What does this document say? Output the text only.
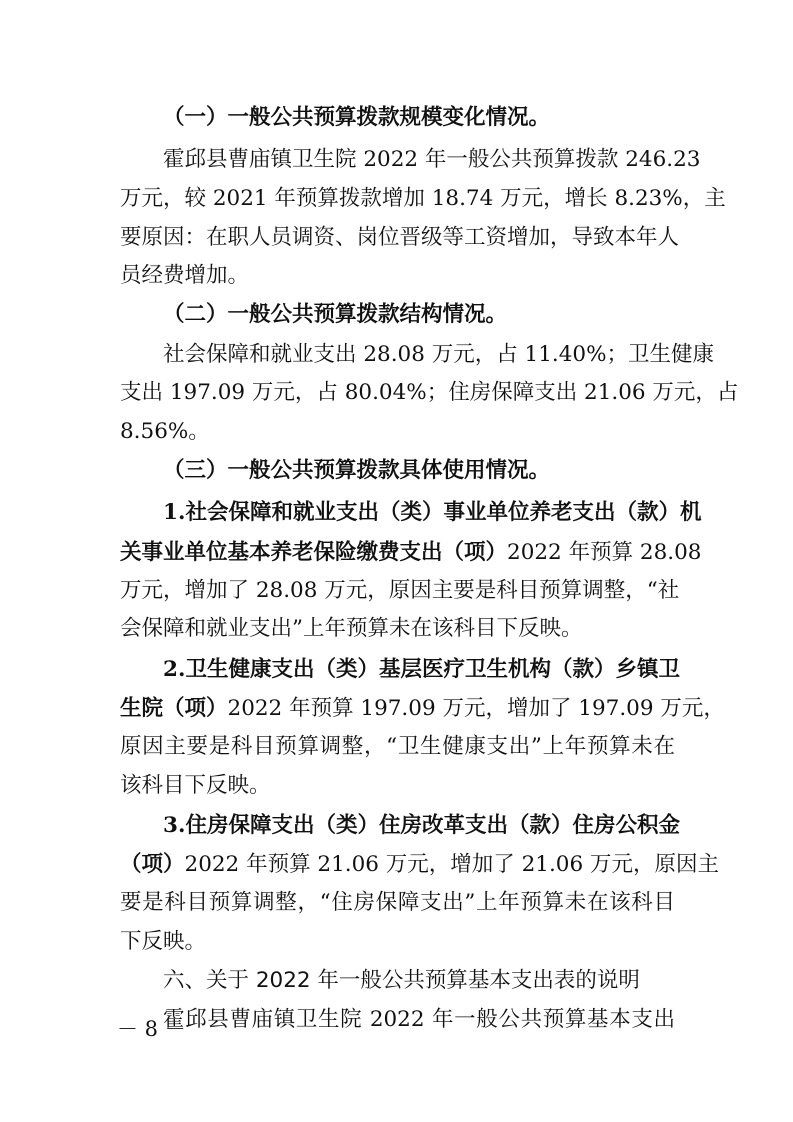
（一）一般公共预算拨款规模变化情况。
霍邱县曹庙镇卫生院 2022 年一般公共预算拨款 246.23
万元，较 2021 年预算拨款增加 18.74 万元，增长 8.23%，主
要原因：在职人员调资、岗位晋级等工资增加，导致本年人
员经费增加。
（二）一般公共预算拨款结构情况。
社会保障和就业支出 28.08 万元，占 11.40%；卫生健康
支出 197.09 万元，占 80.04%；住房保障支出 21.06 万元，占
8.56%。
（三）一般公共预算拨款具体使用情况。
1.社会保障和就业支出（类）事业单位养老支出（款）机
关事业单位基本养老保险缴费支出（项）2022 年预算 28.08
万元，增加了 28.08 万元，原因主要是科目预算调整，“社
会保障和就业支出”上年预算未在该科目下反映。
2.卫生健康支出（类）基层医疗卫生机构（款）乡镇卫
生院（项）2022 年预算 197.09 万元，增加了 197.09 万元，
原因主要是科目预算调整，“卫生健康支出”上年预算未在
该科目下反映。
3.住房保障支出（类）住房改革支出（款）住房公积金
（项）2022 年预算 21.06 万元，增加了 21.06 万元，原因主
要是科目预算调整，“住房保障支出”上年预算未在该科目
下反映。
六、关于 2022 年一般公共预算基本支出表的说明
霍邱县曹庙镇卫生院 2022 年一般公共预算基本支出
－ 8 －
